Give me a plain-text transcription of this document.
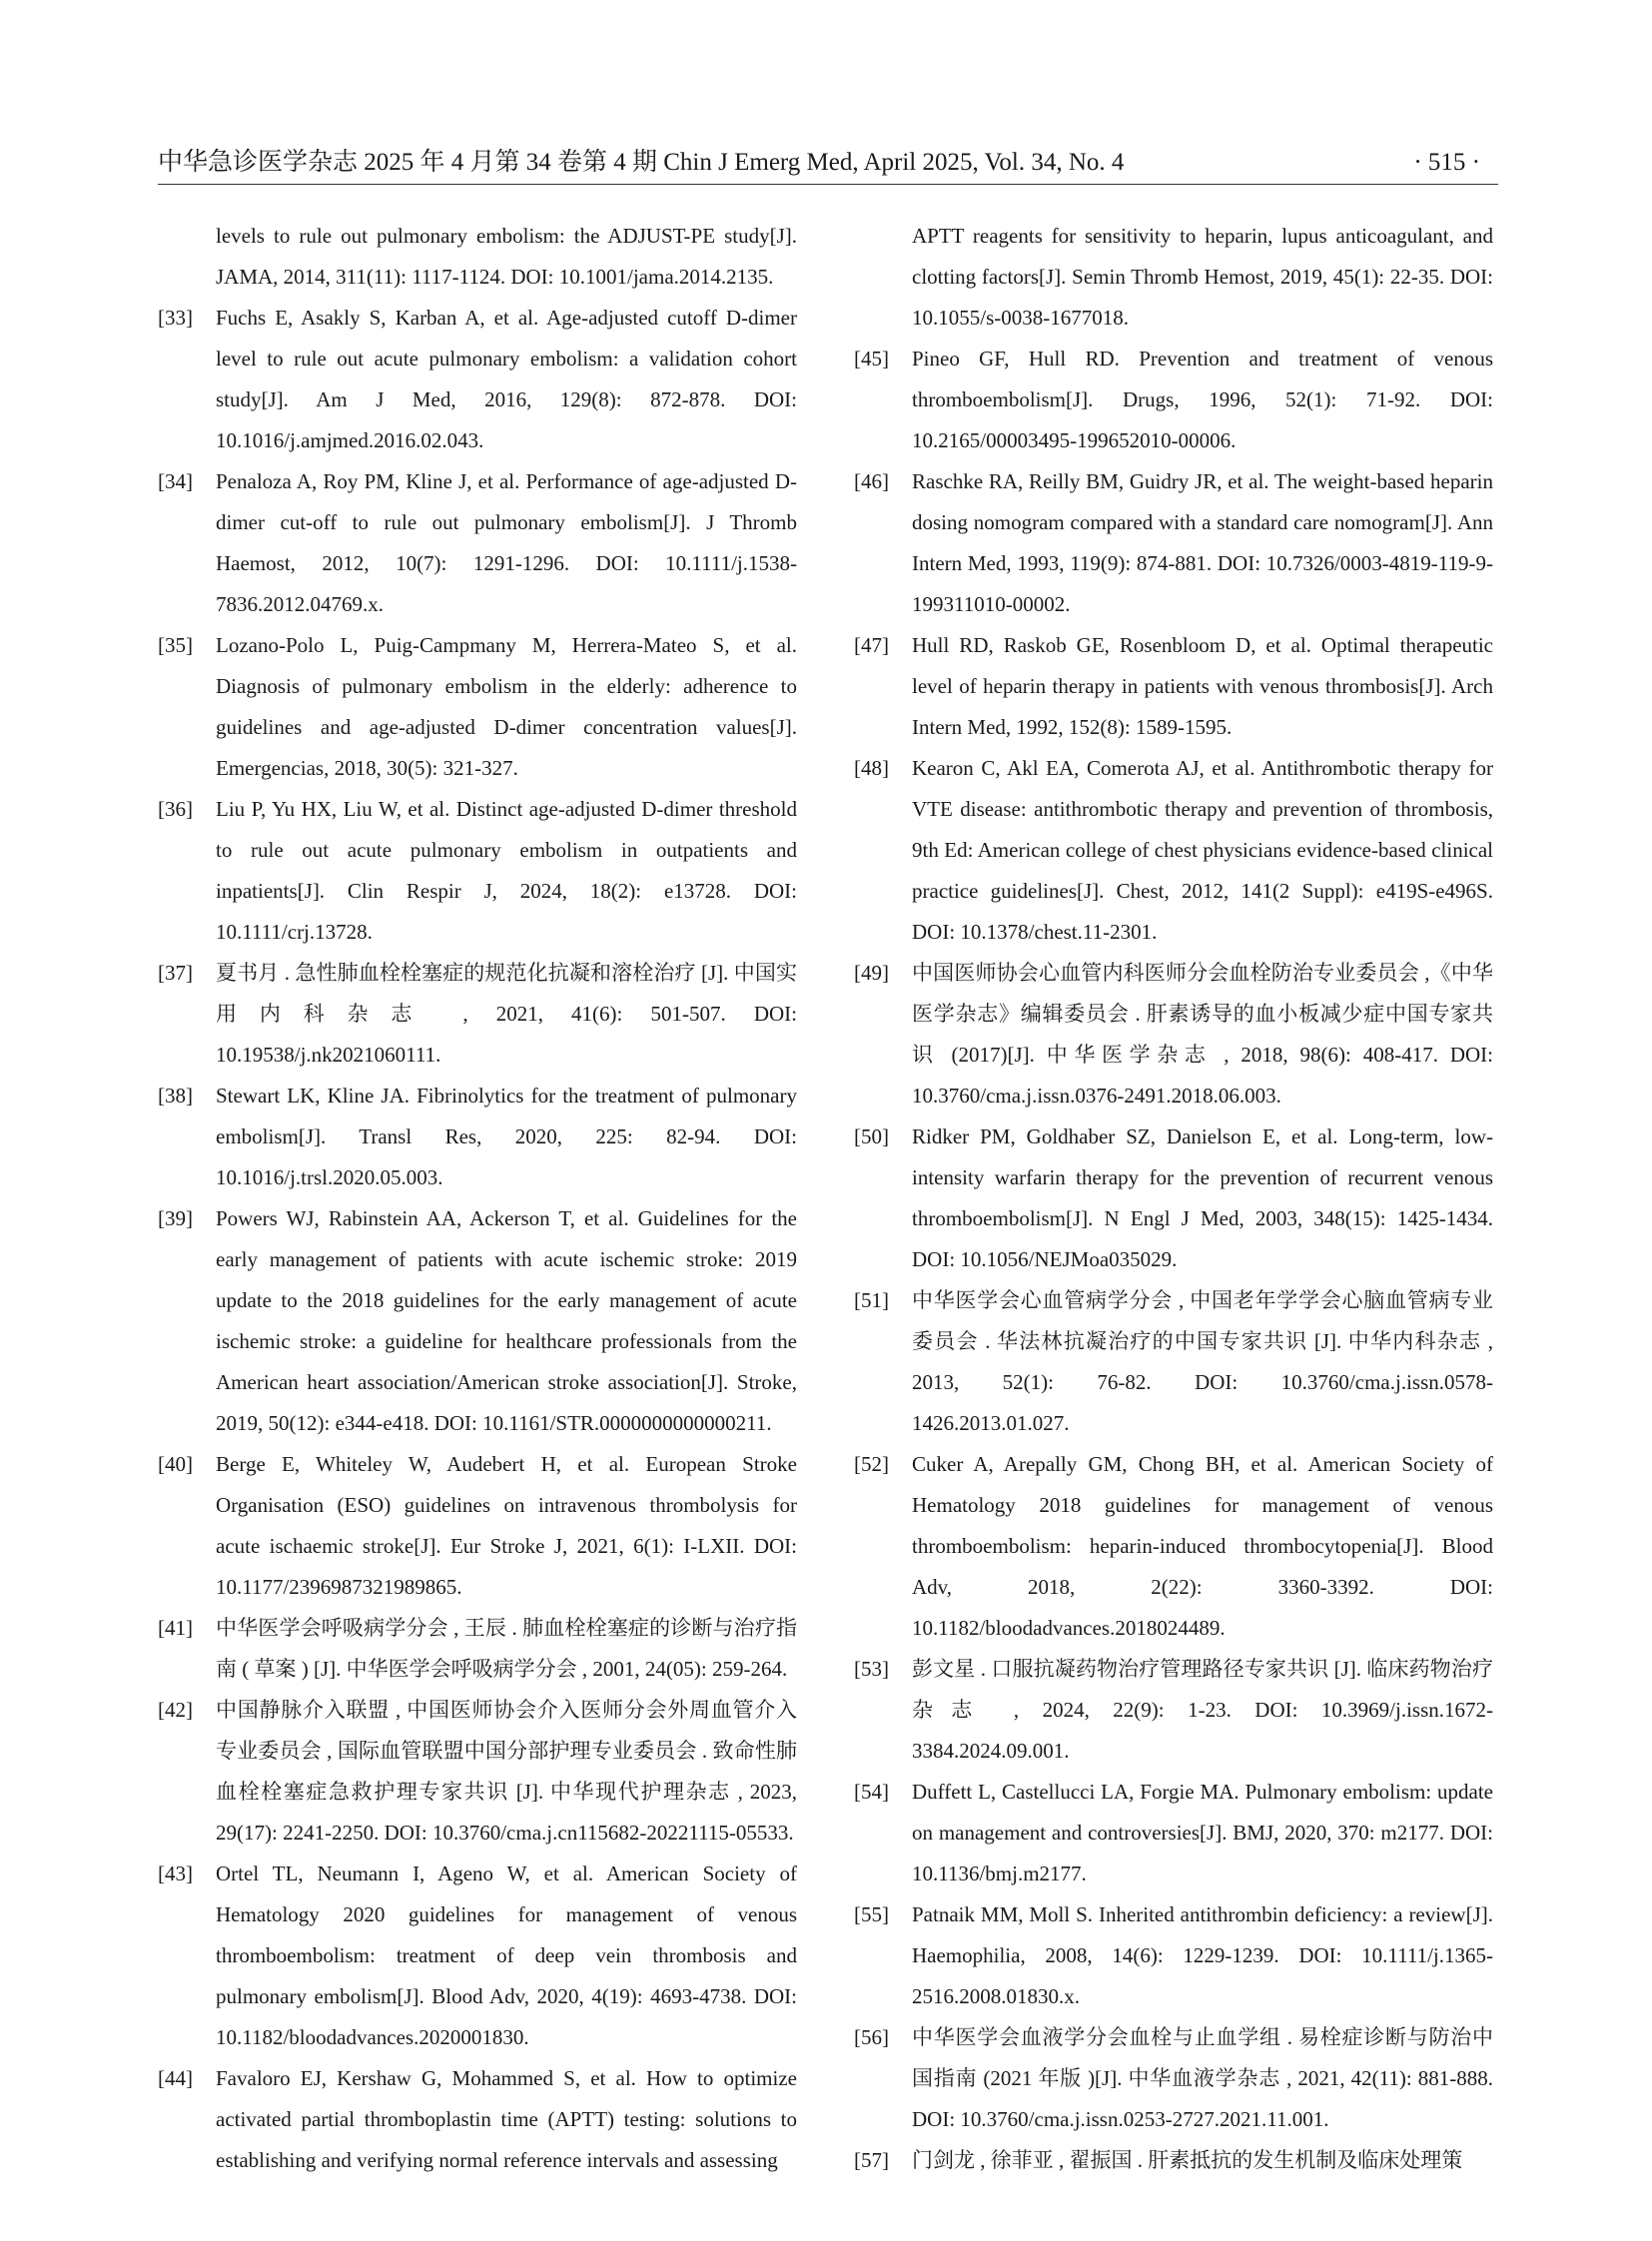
中华急诊医学杂志 2025 年 4 月第 34 卷第 4 期 Chin J Emerg Med, April 2025, Vol. 34, No. 4	· 515 ·
levels to rule out pulmonary embolism: the ADJUST-PE study[J]. JAMA, 2014, 311(11): 1117-1124. DOI: 10.1001/jama.2014.2135.
[33] Fuchs E, Asakly S, Karban A, et al. Age-adjusted cutoff D-dimer level to rule out acute pulmonary embolism: a validation cohort study[J]. Am J Med, 2016, 129(8): 872-878. DOI: 10.1016/j.amjmed.2016.02.043.
[34] Penaloza A, Roy PM, Kline J, et al. Performance of age-adjusted D-dimer cut-off to rule out pulmonary embolism[J]. J Thromb Haemost, 2012, 10(7): 1291-1296. DOI: 10.1111/j.1538-7836.2012.04769.x.
[35] Lozano-Polo L, Puig-Campmany M, Herrera-Mateo S, et al. Diagnosis of pulmonary embolism in the elderly: adherence to guidelines and age-adjusted D-dimer concentration values[J]. Emergencias, 2018, 30(5): 321-327.
[36] Liu P, Yu HX, Liu W, et al. Distinct age-adjusted D-dimer threshold to rule out acute pulmonary embolism in outpatients and inpatients[J]. Clin Respir J, 2024, 18(2): e13728. DOI: 10.1111/crj.13728.
[37] 夏书月 . 急性肺血栓栓塞症的规范化抗凝和溶栓治疗 [J]. 中国实用内科杂志 , 2021, 41(6): 501-507. DOI: 10.19538/j.nk2021060111.
[38] Stewart LK, Kline JA. Fibrinolytics for the treatment of pulmonary embolism[J]. Transl Res, 2020, 225: 82-94. DOI: 10.1016/j.trsl.2020.05.003.
[39] Powers WJ, Rabinstein AA, Ackerson T, et al. Guidelines for the early management of patients with acute ischemic stroke: 2019 update to the 2018 guidelines for the early management of acute ischemic stroke: a guideline for healthcare professionals from the American heart association/American stroke association[J]. Stroke, 2019, 50(12): e344-e418. DOI: 10.1161/STR.0000000000000211.
[40] Berge E, Whiteley W, Audebert H, et al. European Stroke Organisation (ESO) guidelines on intravenous thrombolysis for acute ischaemic stroke[J]. Eur Stroke J, 2021, 6(1): I-LXII. DOI: 10.1177/2396987321989865.
[41] 中华医学会呼吸病学分会 , 王辰 . 肺血栓栓塞症的诊断与治疗指南 ( 草案 ) [J]. 中华医学会呼吸病学分会 , 2001, 24(05): 259-264.
[42] 中国静脉介入联盟 , 中国医师协会介入医师分会外周血管介入专业委员会 , 国际血管联盟中国分部护理专业委员会 . 致命性肺血栓栓塞症急救护理专家共识 [J]. 中华现代护理杂志 , 2023, 29(17): 2241-2250. DOI: 10.3760/cma.j.cn115682-20221115-05533.
[43] Ortel TL, Neumann I, Ageno W, et al. American Society of Hematology 2020 guidelines for management of venous thromboembolism: treatment of deep vein thrombosis and pulmonary embolism[J]. Blood Adv, 2020, 4(19): 4693-4738. DOI: 10.1182/bloodadvances.2020001830.
[44] Favaloro EJ, Kershaw G, Mohammed S, et al. How to optimize activated partial thromboplastin time (APTT) testing: solutions to establishing and verifying normal reference intervals and assessing
APTT reagents for sensitivity to heparin, lupus anticoagulant, and clotting factors[J]. Semin Thromb Hemost, 2019, 45(1): 22-35. DOI: 10.1055/s-0038-1677018.
[45] Pineo GF, Hull RD. Prevention and treatment of venous thromboembolism[J]. Drugs, 1996, 52(1): 71-92. DOI: 10.2165/00003495-199652010-00006.
[46] Raschke RA, Reilly BM, Guidry JR, et al. The weight-based heparin dosing nomogram compared with a standard care nomogram[J]. Ann Intern Med, 1993, 119(9): 874-881. DOI: 10.7326/0003-4819-119-9-199311010-00002.
[47] Hull RD, Raskob GE, Rosenbloom D, et al. Optimal therapeutic level of heparin therapy in patients with venous thrombosis[J]. Arch Intern Med, 1992, 152(8): 1589-1595.
[48] Kearon C, Akl EA, Comerota AJ, et al. Antithrombotic therapy for VTE disease: antithrombotic therapy and prevention of thrombosis, 9th Ed: American college of chest physicians evidence-based clinical practice guidelines[J]. Chest, 2012, 141(2 Suppl): e419S-e496S. DOI: 10.1378/chest.11-2301.
[49] 中国医师协会心血管内科医师分会血栓防治专业委员会 ,《中华医学杂志》编辑委员会 . 肝素诱导的血小板减少症中国专家共识 (2017)[J]. 中华医学杂志 , 2018, 98(6): 408-417. DOI: 10.3760/cma.j.issn.0376-2491.2018.06.003.
[50] Ridker PM, Goldhaber SZ, Danielson E, et al. Long-term, low-intensity warfarin therapy for the prevention of recurrent venous thromboembolism[J]. N Engl J Med, 2003, 348(15): 1425-1434. DOI: 10.1056/NEJMoa035029.
[51] 中华医学会心血管病学分会 , 中国老年学学会心脑血管病专业委员会 . 华法林抗凝治疗的中国专家共识 [J]. 中华内科杂志 , 2013, 52(1): 76-82. DOI: 10.3760/cma.j.issn.0578-1426.2013.01.027.
[52] Cuker A, Arepally GM, Chong BH, et al. American Society of Hematology 2018 guidelines for management of venous thromboembolism: heparin-induced thrombocytopenia[J]. Blood Adv, 2018, 2(22): 3360-3392. DOI: 10.1182/bloodadvances.2018024489.
[53] 彭文星 . 口服抗凝药物治疗管理路径专家共识 [J]. 临床药物治疗杂志 , 2024, 22(9): 1-23. DOI: 10.3969/j.issn.1672-3384.2024.09.001.
[54] Duffett L, Castellucci LA, Forgie MA. Pulmonary embolism: update on management and controversies[J]. BMJ, 2020, 370: m2177. DOI: 10.1136/bmj.m2177.
[55] Patnaik MM, Moll S. Inherited antithrombin deficiency: a review[J]. Haemophilia, 2008, 14(6): 1229-1239. DOI: 10.1111/j.1365-2516.2008.01830.x.
[56] 中华医学会血液学分会血栓与止血学组 . 易栓症诊断与防治中国指南 (2021 年版 )[J]. 中华血液学杂志 , 2021, 42(11): 881-888. DOI: 10.3760/cma.j.issn.0253-2727.2021.11.001.
[57] 门剑龙 , 徐菲亚 , 翟振国 . 肝素抵抗的发生机制及临床处理策
